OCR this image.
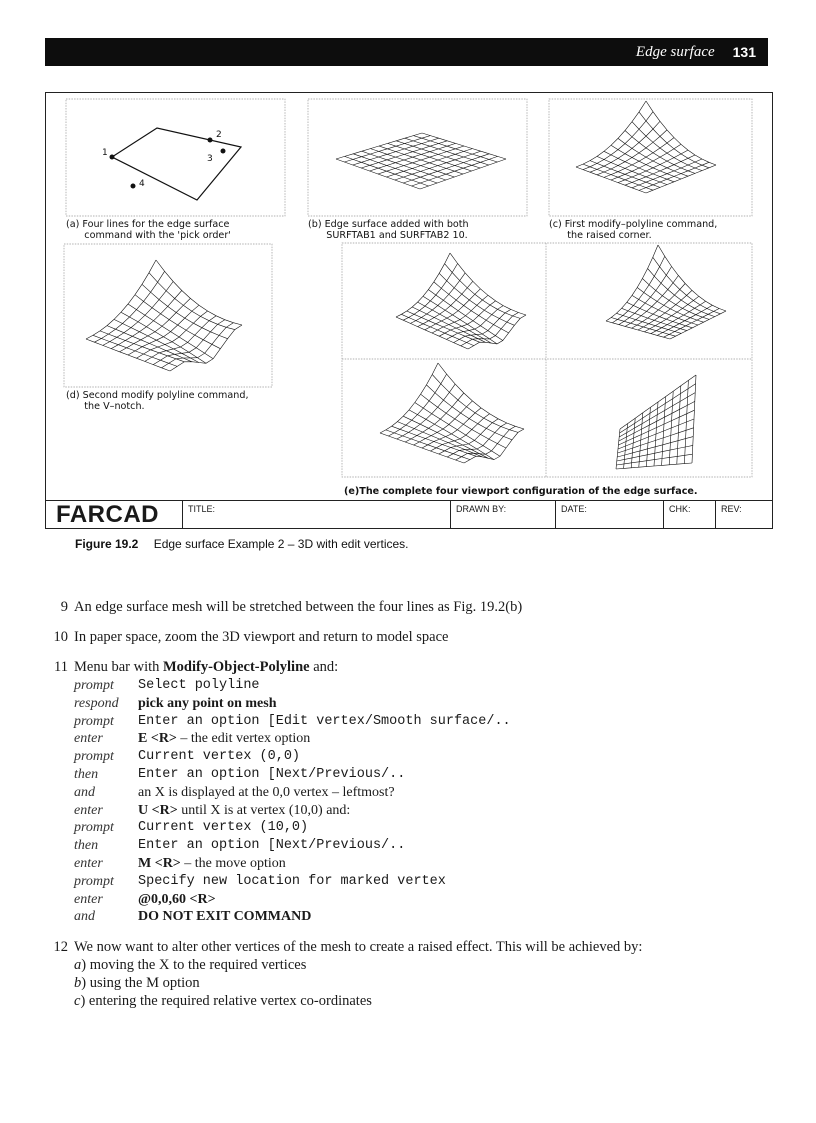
Edge surface 131
1
2
3
4
(a) Four lines for the edge surface
command with the 'pick order'
(b) Edge surface added with both
SURFTAB1 and SURFTAB2 10.
(c) First modify–polyline command,
the raised corner.
(d) Second modify polyline command,
the V–notch.
(e)The complete four viewport configuration of the edge surface.
FARCAD	TITLE:	DRAWN BY:	DATE:	CHK:	REV:
Figure 19.2 Edge surface Example 2 – 3D with edit vertices.
9 An edge surface mesh will be stretched between the four lines as Fig. 19.2(b)
10 In paper space, zoom the 3D viewport and return to model space
11 Menu bar with Modify-Object-Polyline and:
prompt	Select polyline
respond	pick any point on mesh
prompt	Enter an option [Edit vertex/Smooth surface/..
enter	E <R> – the edit vertex option
prompt	Current vertex (0,0)
then	Enter an option [Next/Previous/..
and	an X is displayed at the 0,0 vertex – leftmost?
enter	U <R> until X is at vertex (10,0) and:
prompt	Current vertex (10,0)
then	Enter an option [Next/Previous/..
enter	M <R> – the move option
prompt	Specify new location for marked vertex
enter	@0,0,60 <R>
and	DO NOT EXIT COMMAND
12 We now want to alter other vertices of the mesh to create a raised effect. This will be achieved by:
a) moving the X to the required vertices
b) using the M option
c) entering the required relative vertex co-ordinates
